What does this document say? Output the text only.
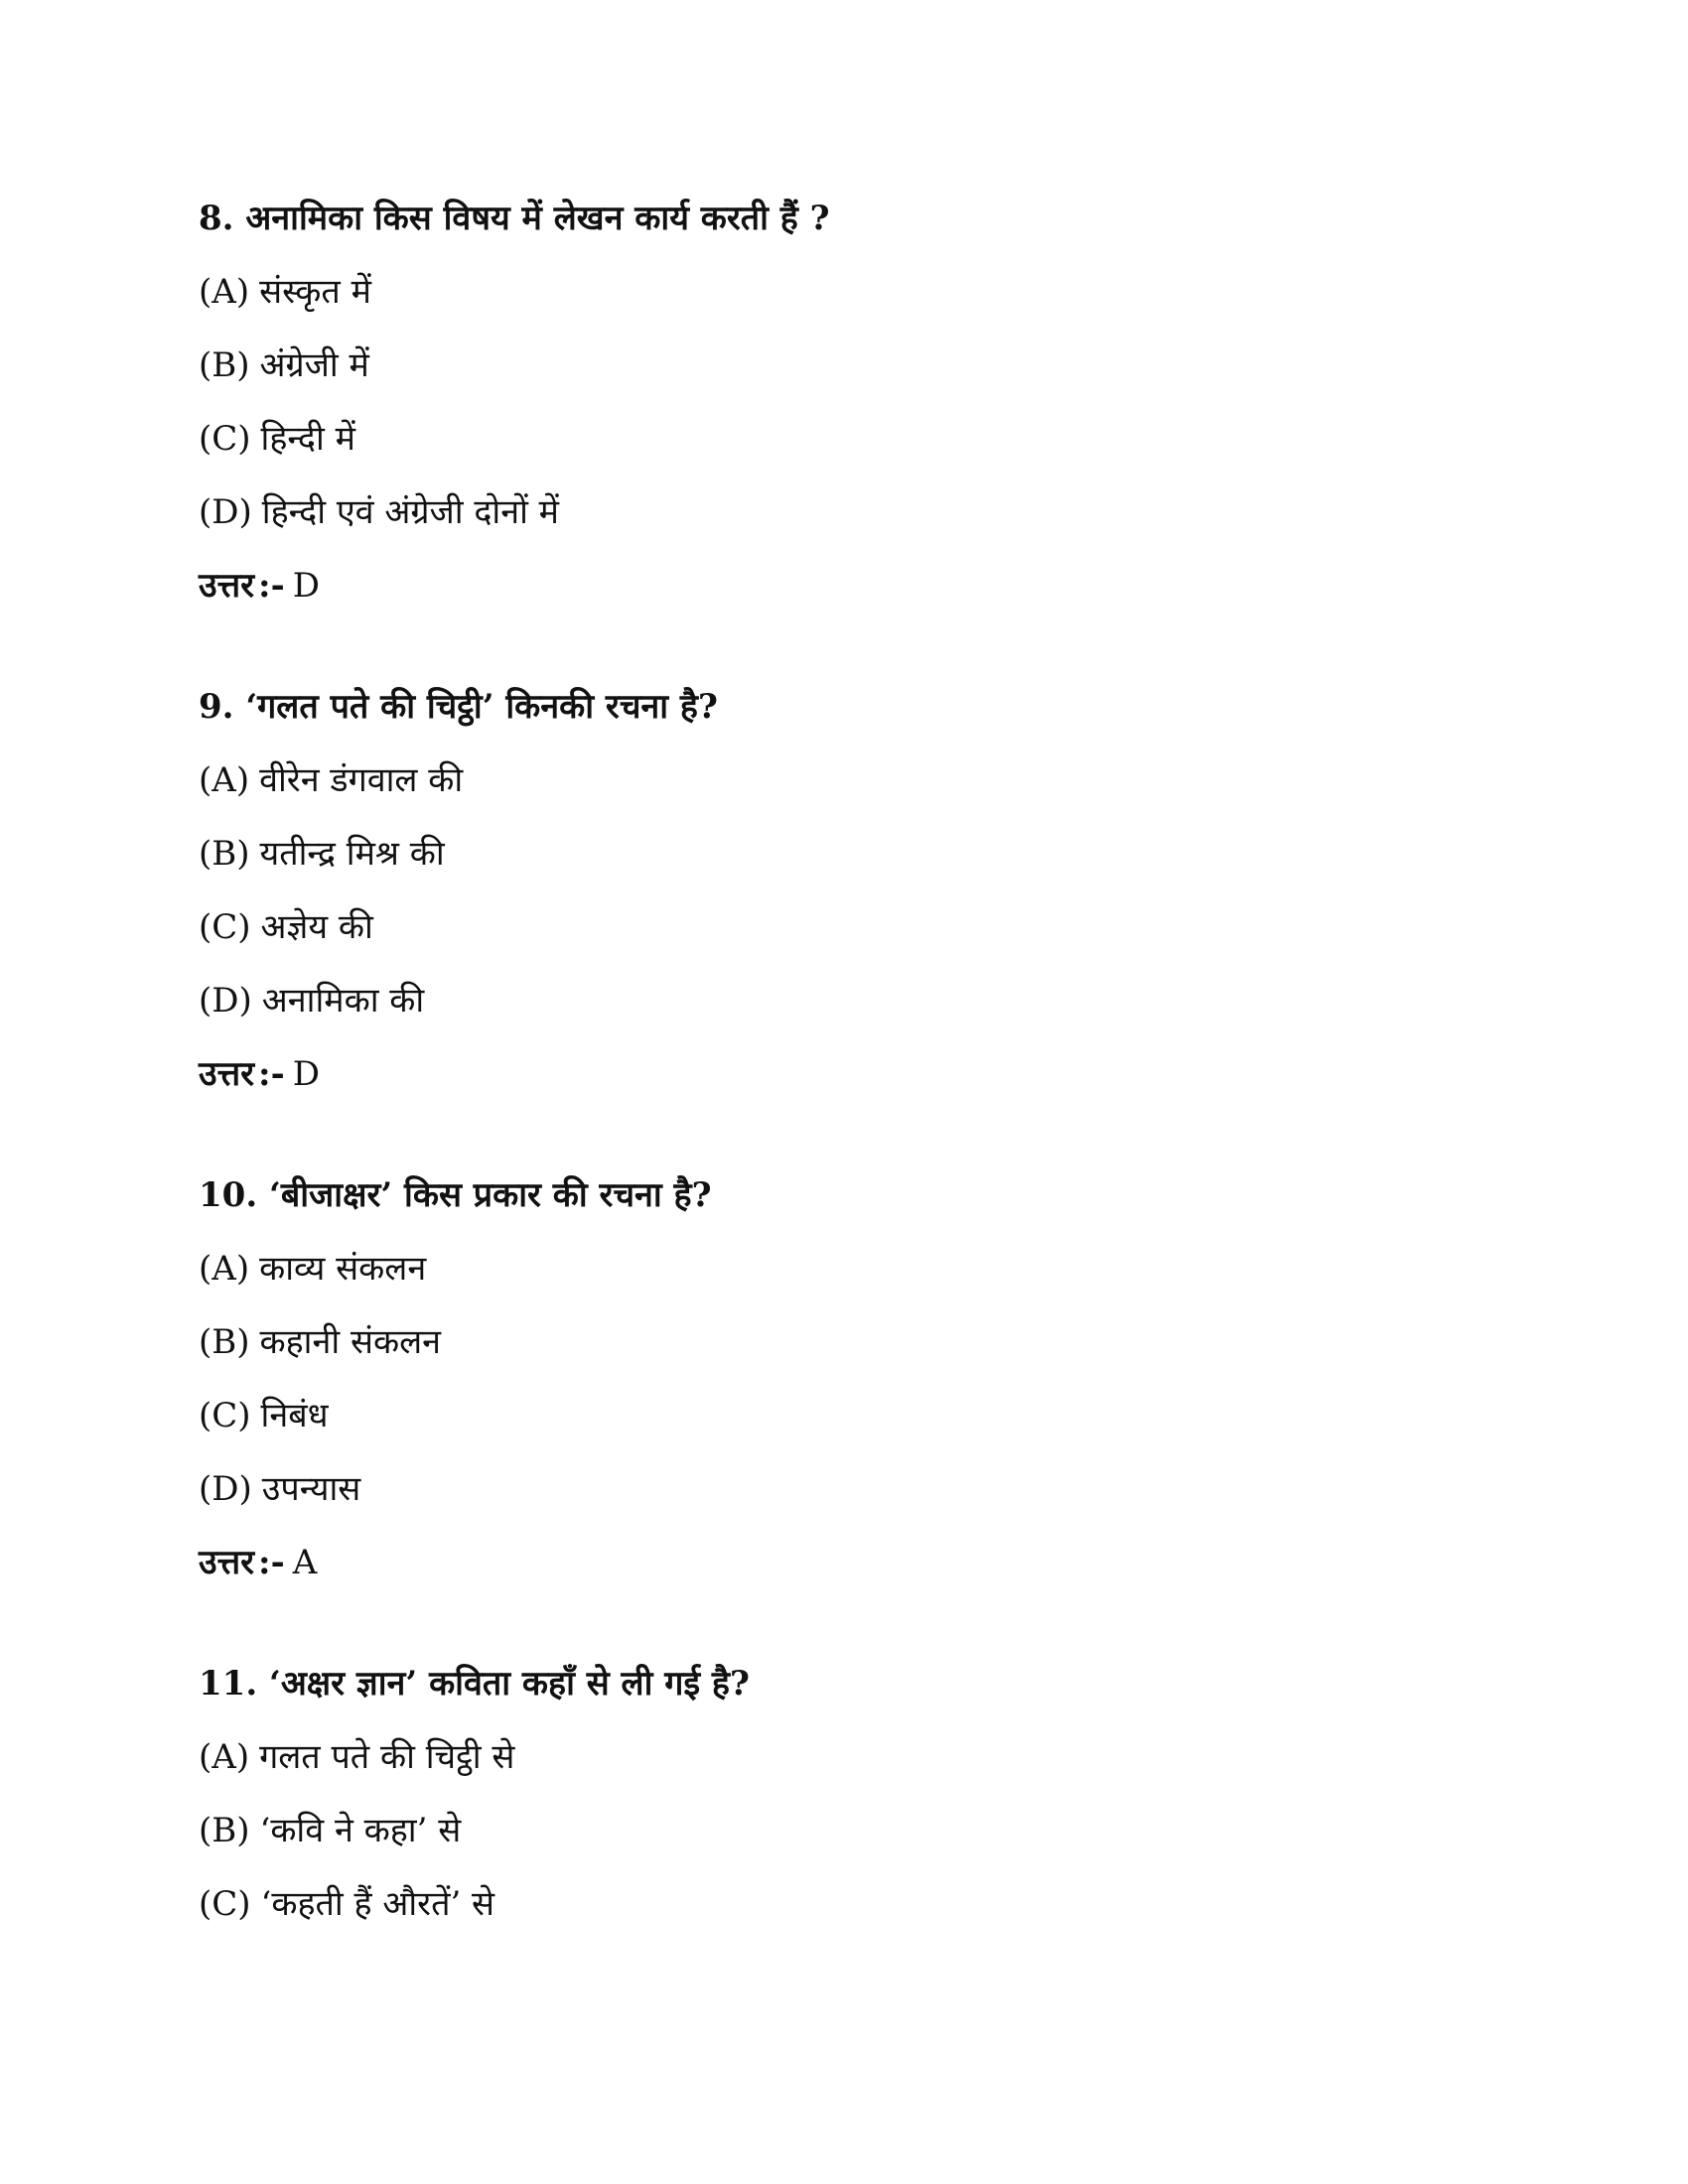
8. अनामिका किस विषय में लेखन कार्य करती हैं ?
(A) संस्कृत में
(B) अंग्रेजी में
(C) हिन्दी में
(D) हिन्दी एवं अंग्रेजी दोनों में
उत्तर :- D
9. ‘गलत पते की चिट्ठी’ किनकी रचना है?
(A) वीरेन डंगवाल की
(B) यतीन्द्र मिश्र की
(C) अज्ञेय की
(D) अनामिका की
उत्तर :- D
10. ‘बीजाक्षर’ किस प्रकार की रचना है?
(A) काव्य संकलन
(B) कहानी संकलन
(C) निबंध
(D) उपन्यास
उत्तर :- A
11. ‘अक्षर ज्ञान’ कविता कहाँ से ली गई है?
(A) गलत पते की चिट्ठी से
(B) ‘कवि ने कहा’ से
(C) ‘कहती हैं औरतें’ से
